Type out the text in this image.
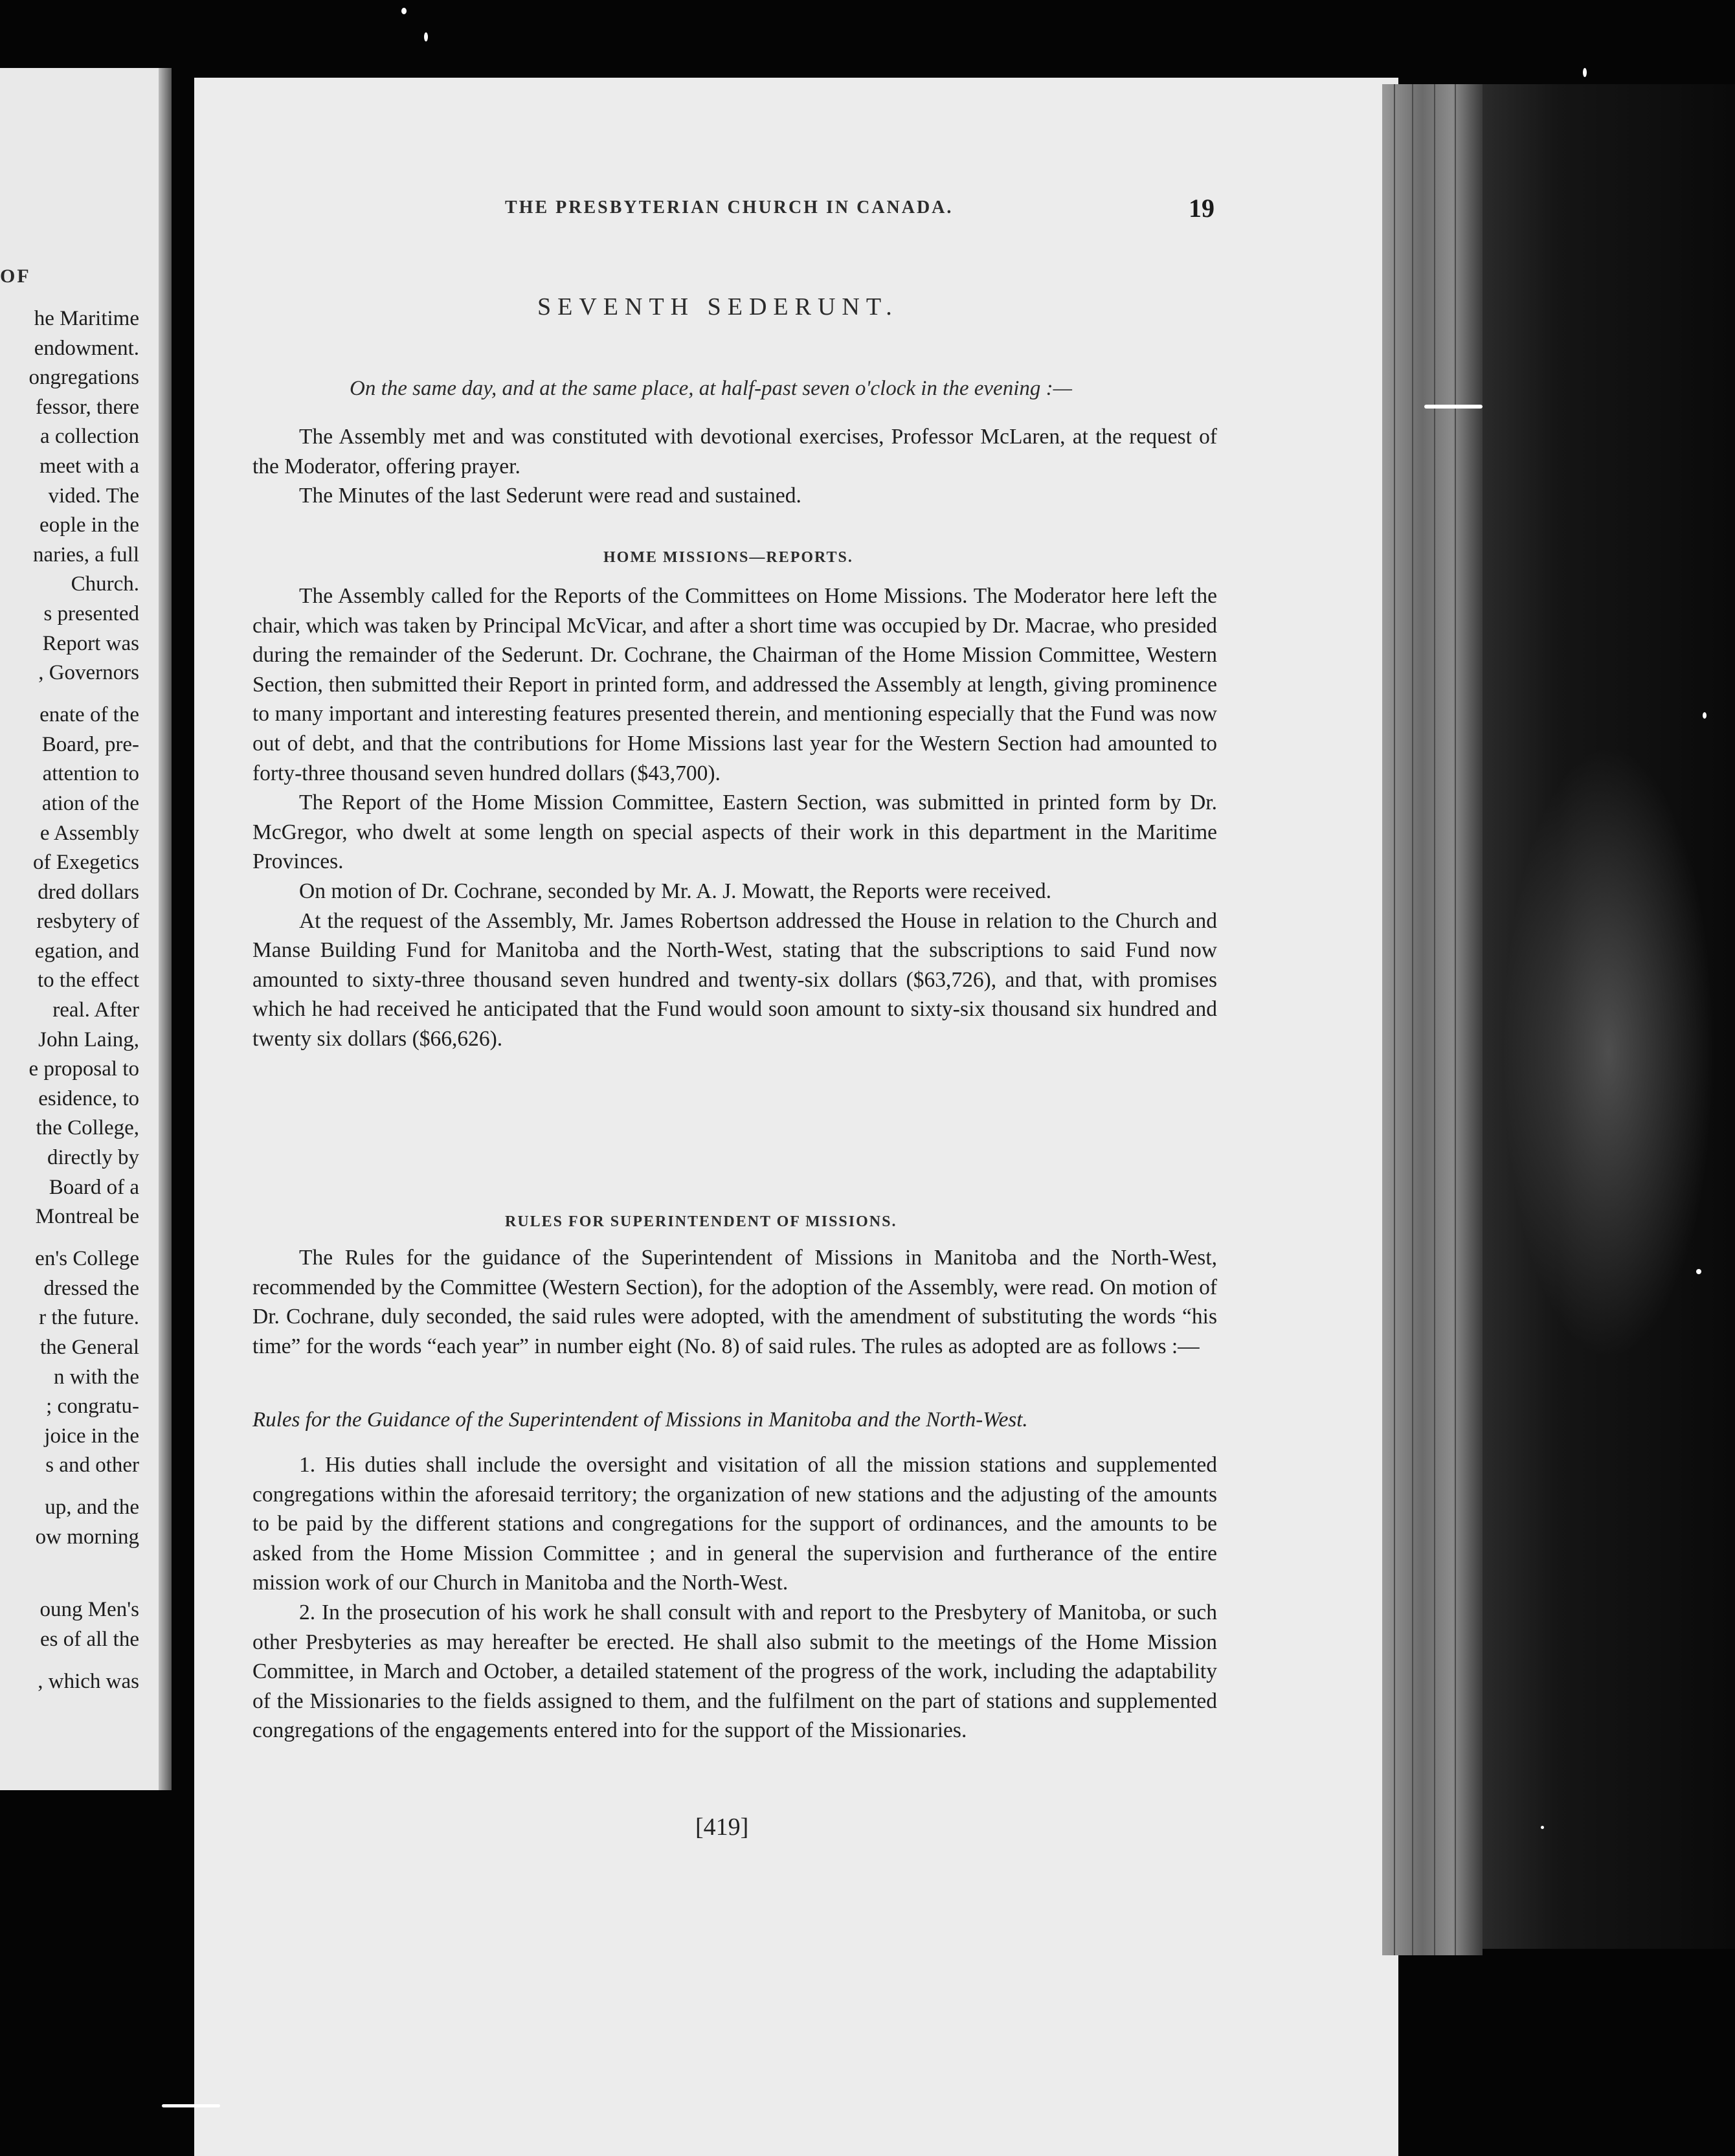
OF
he Maritime
endowment.
ongregations
fessor, there
a collection
meet with a
vided. The
eople in the
naries, a full
Church.
s presented
Report was
, Governors
enate of the
Board, pre-
attention to
ation of the
e Assembly
of Exegetics
dred dollars
resbytery of
egation, and
to the effect
real. After
John Laing,
e proposal to
esidence, to
the College,
directly by
Board of a
Montreal be
en's College
dressed the
r the future.
the General
n with the
; congratu-
joice in the
s and other
up, and the
ow morning
oung Men's
es of all the
, which was
THE PRESBYTERIAN CHURCH IN CANADA.	19
SEVENTH SEDERUNT.
On the same day, and at the same place, at half-past seven o'clock in the evening :—

The Assembly met and was constituted with devotional exercises, Professor McLaren, at the request of the Moderator, offering prayer.

The Minutes of the last Sederunt were read and sustained.

HOME MISSIONS—REPORTS.

The Assembly called for the Reports of the Committees on Home Missions. The Moderator here left the chair, which was taken by Principal McVicar, and after a short time was occupied by Dr. Macrae, who presided during the remainder of the Sederunt. Dr. Cochrane, the Chairman of the Home Mission Committee, Western Section, then submitted their Report in printed form, and addressed the Assembly at length, giving prominence to many important and interesting features presented therein, and mentioning especially that the Fund was now out of debt, and that the contributions for Home Missions last year for the Western Section had amounted to forty-three thousand seven hundred dollars ($43,700).

The Report of the Home Mission Committee, Eastern Section, was submitted in printed form by Dr. McGregor, who dwelt at some length on special aspects of their work in this department in the Maritime Provinces.

On motion of Dr. Cochrane, seconded by Mr. A. J. Mowatt, the Reports were received.

At the request of the Assembly, Mr. James Robertson addressed the House in relation to the Church and Manse Building Fund for Manitoba and the North-West, stating that the subscriptions to said Fund now amounted to sixty-three thousand seven hundred and twenty-six dollars ($63,726), and that, with promises which he had received he anticipated that the Fund would soon amount to sixty-six thousand six hundred and twenty six dollars ($66,626).

RULES FOR SUPERINTENDENT OF MISSIONS.

The Rules for the guidance of the Superintendent of Missions in Manitoba and the North-West, recommended by the Committee (Western Section), for the adoption of the Assembly, were read. On motion of Dr. Cochrane, duly seconded, the said rules were adopted, with the amendment of substituting the words “his time” for the words “each year” in number eight (No. 8) of said rules. The rules as adopted are as follows :—

Rules for the Guidance of the Superintendent of Missions in Manitoba and the North-West.

1. His duties shall include the oversight and visitation of all the mission stations and supplemented congregations within the aforesaid territory; the organization of new stations and the adjusting of the amounts to be paid by the different stations and congregations for the support of ordinances, and the amounts to be asked from the Home Mission Committee ; and in general the supervision and furtherance of the entire mission work of our Church in Manitoba and the North-West.

2. In the prosecution of his work he shall consult with and report to the Presbytery of Manitoba, or such other Presbyteries as may hereafter be erected. He shall also submit to the meetings of the Home Mission Committee, in March and October, a detailed statement of the progress of the work, including the adaptability of the Missionaries to the fields assigned to them, and the fulfilment on the part of stations and supplemented congregations of the engagements entered into for the support of the Missionaries.

[419]
